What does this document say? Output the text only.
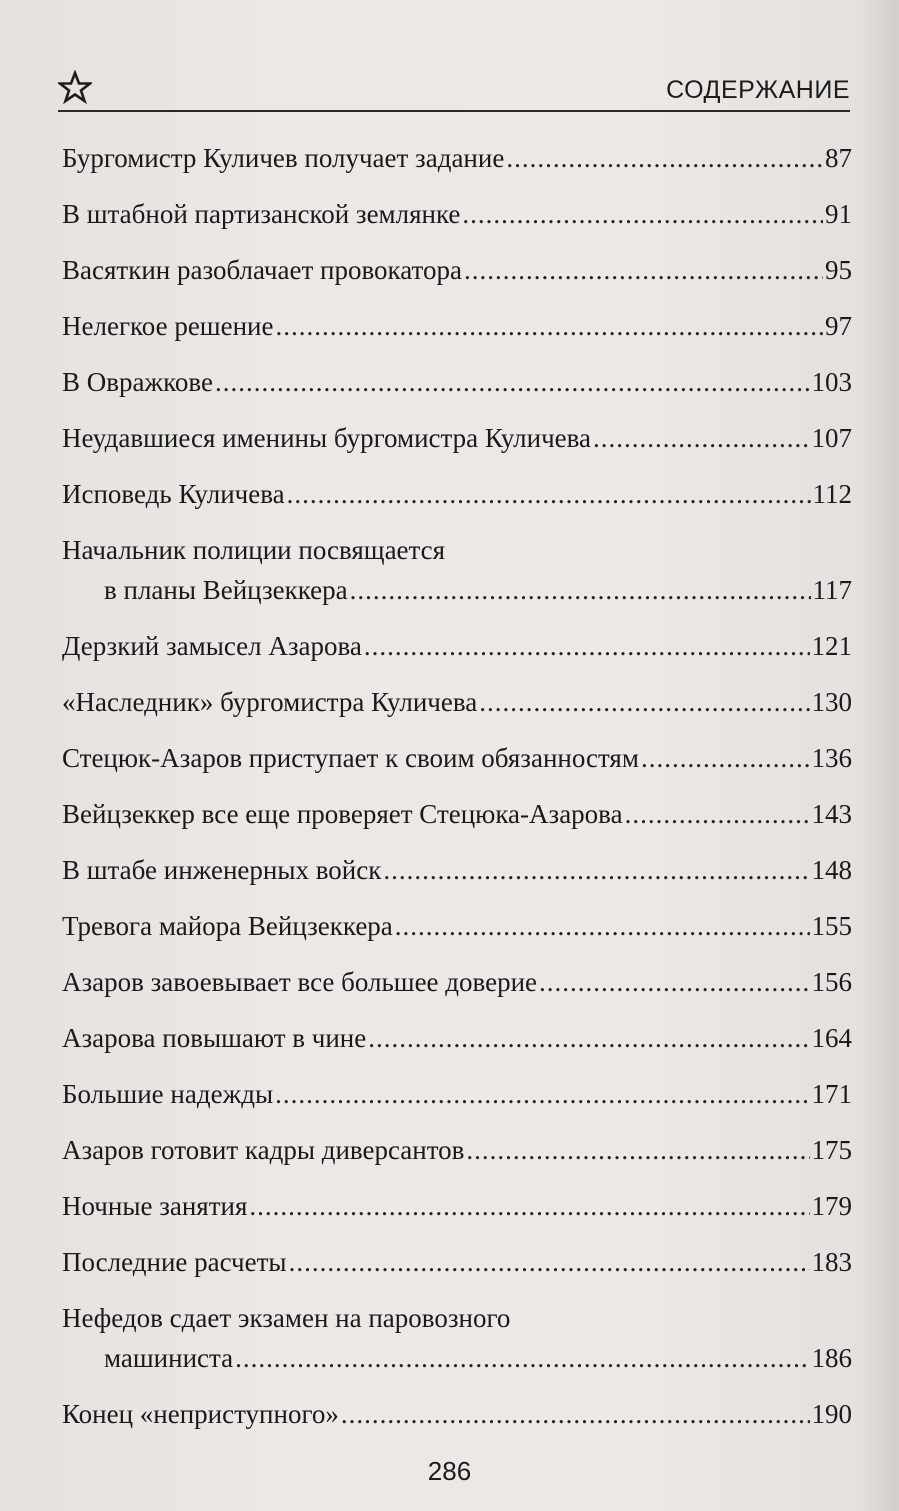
СОДЕРЖАНИЕ
Бургомистр Куличев получает задание .....	87
В штабной партизанской землянке .....	91
Васяткин разоблачает провокатора .....	95
Нелегкое решение .....	97
В Овражкове .....	103
Неудавшиеся именины бургомистра Куличева .....	107
Исповедь Куличева .....	112
Начальник полиции посвящается
в планы Вейцзеккера .....	117
Дерзкий замысел Азарова .....	121
«Наследник» бургомистра Куличева .....	130
Стецюк-Азаров приступает к своим обязанностям .....	136
Вейцзеккер все еще проверяет Стецюка-Азарова .....	143
В штабе инженерных войск .....	148
Тревога майора Вейцзеккера .....	155
Азаров завоевывает все большее доверие .....	156
Азарова повышают в чине .....	164
Большие надежды .....	171
Азаров готовит кадры диверсантов .....	175
Ночные занятия .....	179
Последние расчеты .....	183
Нефедов сдает экзамен на паровозного
машиниста .....	186
Конец «неприступного» .....	190
286
